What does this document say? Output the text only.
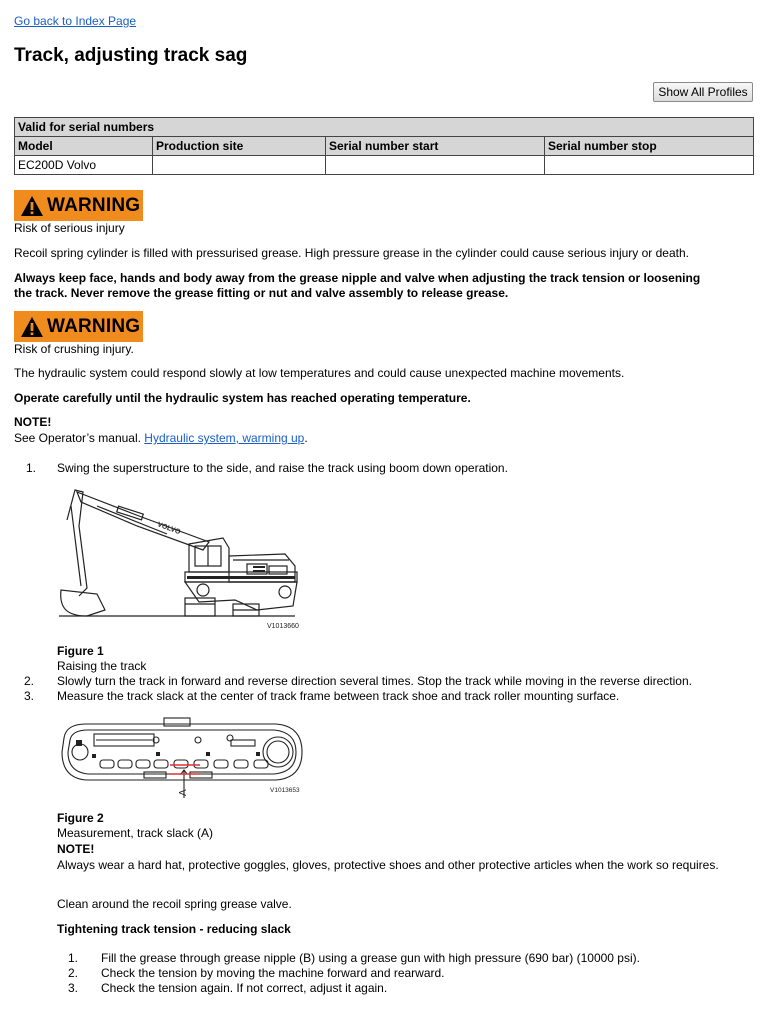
Go back to Index Page
Track, adjusting track sag
Show All Profiles
Valid for serial numbers			
Model	Production site	Serial number start	Serial number stop
EC200D Volvo			
WARNING
Risk of serious injury
Recoil spring cylinder is filled with pressurised grease. High pressure grease in the cylinder could cause serious injury or death.
Always keep face, hands and body away from the grease nipple and valve when adjusting the track tension or loosening
the track. Never remove the grease fitting or nut and valve assembly to release grease.
WARNING
Risk of crushing injury.
The hydraulic system could respond slowly at low temperatures and could cause unexpected machine movements.
Operate carefully until the hydraulic system has reached operating temperature.
NOTE!
See Operator’s manual. Hydraulic system, warming up.
1. Swing the superstructure to the side, and raise the track using boom down operation.
VOLVO
V1013660
Figure 1
Raising the track
2. Slowly turn the track in forward and reverse direction several times. Stop the track while moving in the reverse direction.
3. Measure the track slack at the center of track frame between track shoe and track roller mounting surface.
A	V1013653
Figure 2
Measurement, track slack (A)
NOTE!
Always wear a hard hat, protective goggles, gloves, protective shoes and other protective articles when the work so requires.
Clean around the recoil spring grease valve.
Tightening track tension - reducing slack
1. Fill the grease through grease nipple (B) using a grease gun with high pressure (690 bar) (10000 psi).
2. Check the tension by moving the machine forward and rearward.
3. Check the tension again. If not correct, adjust it again.
